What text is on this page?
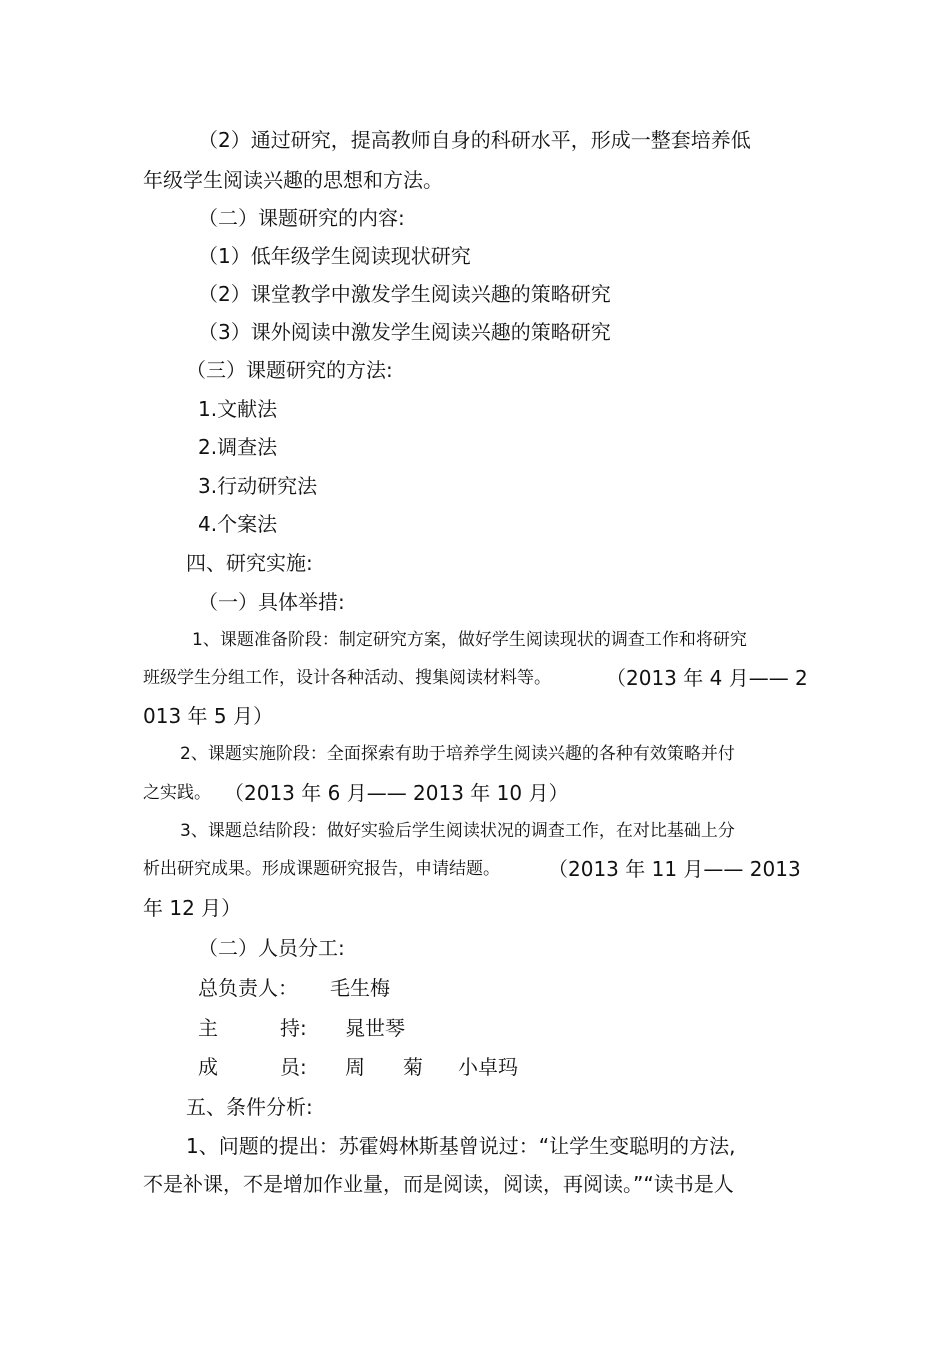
（2）通过研究，提高教师自身的科研水平，形成一整套培养低
年级学生阅读兴趣的思想和方法。
（二）课题研究的内容:
（1）低年级学生阅读现状研究
（2）课堂教学中激发学生阅读兴趣的策略研究
（3）课外阅读中激发学生阅读兴趣的策略研究
（三）课题研究的方法:
1.文献法
2.调查法
3.行动研究法
4.个案法
四、研究实施:
（一）具体举措:
1、课题准备阶段：制定研究方案，做好学生阅读现状的调查工作和将研究
班级学生分组工作，设计各种活动、搜集阅读材料等。	（2013 年 4 月—— 2
013 年 5 月）
2、课题实施阶段：全面探索有助于培养学生阅读兴趣的各种有效策略并付
之实践。 （2013 年 6 月—— 2013 年 10 月）
3、课题总结阶段：做好实验后学生阅读状况的调查工作，在对比基础上分
析出研究成果。形成课题研究报告，申请结题。 （2013 年 11 月—— 2013
年 12 月）
（二）人员分工:
总负责人： 毛生梅
主	持: 晁世琴
成	员: 周 菊 小卓玛
五、条件分析:
1、问题的提出：苏霍姆林斯基曾说过：“让学生变聪明的方法,
不是补课，不是增加作业量，而是阅读，阅读，再阅读。”“读书是人
